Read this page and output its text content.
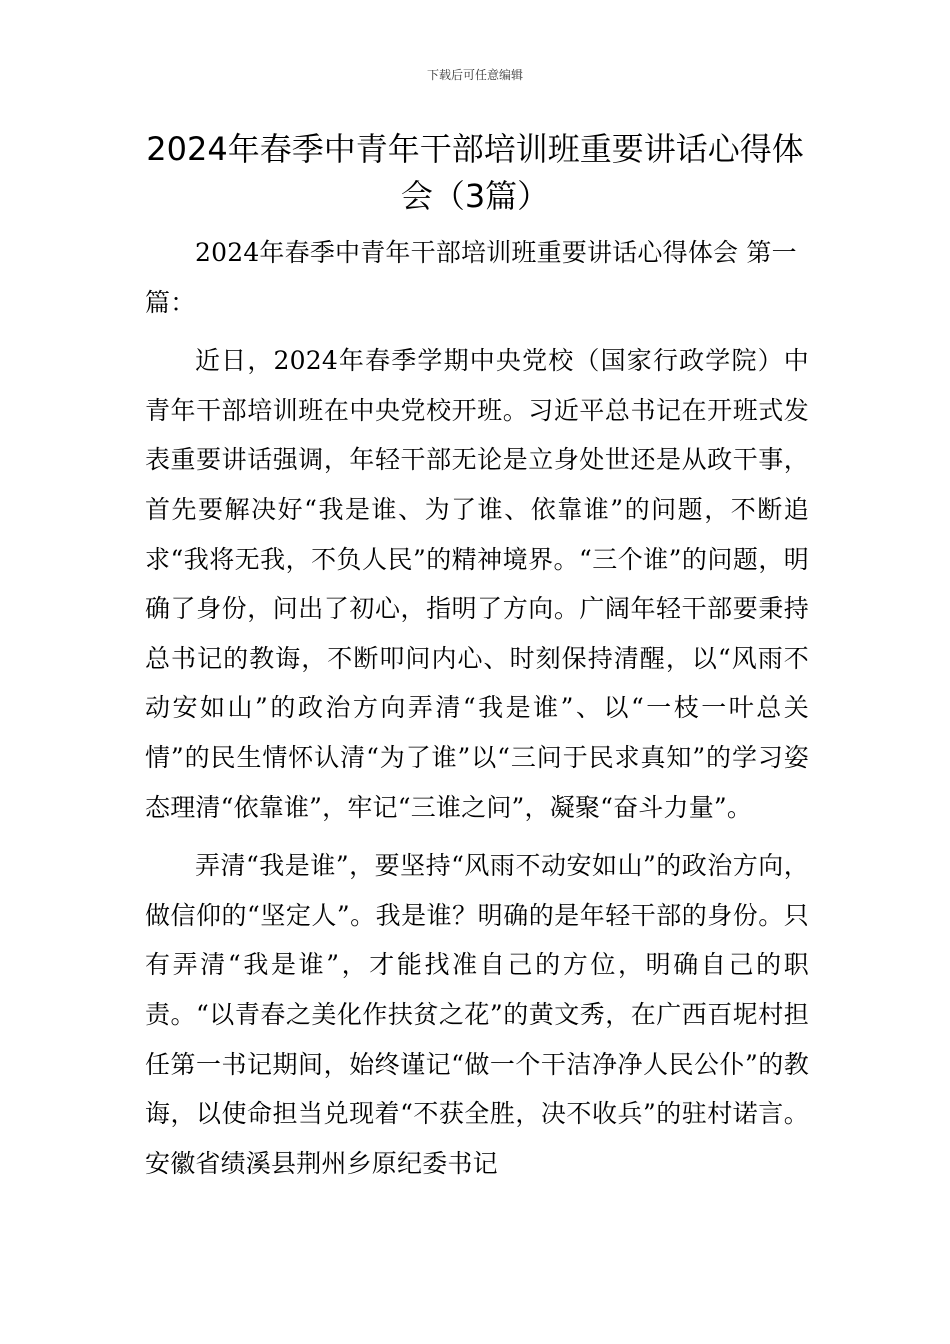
下载后可任意编辑
2024年春季中青年干部培训班重要讲话心得体会（3篇）

2024年春季中青年干部培训班重要讲话心得体会 第一篇：

近日，2024年春季学期中央党校（国家行政学院）中青年干部培训班在中央党校开班。习近平总书记在开班式发表重要讲话强调，年轻干部无论是立身处世还是从政干事，首先要解决好“我是谁、为了谁、依靠谁”的问题，不断追求“我将无我，不负人民”的精神境界。“三个谁”的问题，明确了身份，问出了初心，指明了方向。广阔年轻干部要秉持总书记的教诲，不断叩问内心、时刻保持清醒，以“风雨不动安如山”的政治方向弄清“我是谁”、以“一枝一叶总关情”的民生情怀认清“为了谁”以“三问于民求真知”的学习姿态理清“依靠谁”，牢记“三谁之问”，凝聚“奋斗力量”。

弄清“我是谁”，要坚持“风雨不动安如山”的政治方向，做信仰的“坚定人”。我是谁？明确的是年轻干部的身份。只有弄清“我是谁”，才能找准自己的方位，明确自己的职责。“以青春之美化作扶贫之花”的黄文秀，在广西百坭村担任第一书记期间，始终谨记“做一个干洁净净人民公仆”的教诲，以使命担当兑现着“不获全胜，决不收兵”的驻村诺言。安徽省绩溪县荆州乡原纪委书记
